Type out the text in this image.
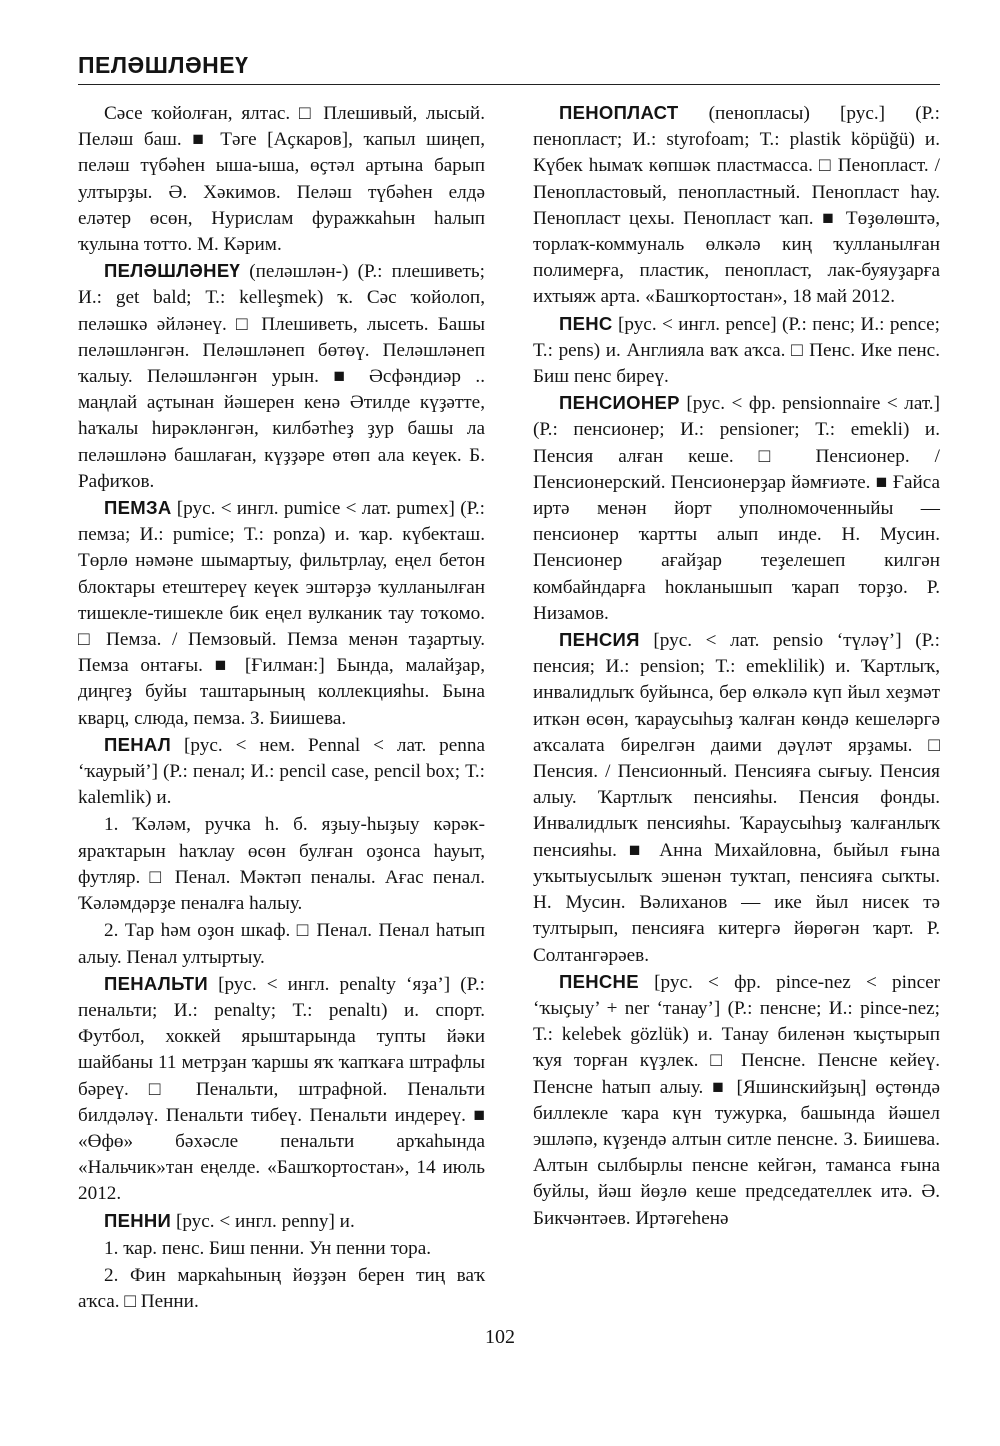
ПЕЛӘШЛӘНЕҮ

Сәсе ҡойолған, ялтас. □ Плешивый, лысый. Пеләш баш. ■ Тәге [Аҫкаров], ҡапыл шиңеп, пеләш түбәһен ыша-ыша, өҫтәл артына барып ултырҙы. Ә. Хәкимов. Пеләш түбәһен елдә еләтер өсөн, Нурислам фуражкаһын һалып ҡулына тотто. М. Кәрим.

ПЕЛӘШЛӘНЕҮ (пеләшлән-) (Р.: плешиветь; И.: get bald; Т.: kelleşmek) ҡ. Сәс ҡойолоп, пеләшкә әйләнеү. □ Плешиветь, лысеть. Башы пеләшләнгән. Пеләшләнеп бөтөү. Пеләшләнеп ҡалыу. Пеләшләнгән урын. ■ Әсфәндиәр .. маңлай аҫтынан йәшерен кенә Әтилде күҙәтте, һаҡалы һирәкләнгән, килбәтһеҙ ҙур башы ла пеләшләнә башлаған, күҙҙәре өтөп ала кеүек. Б. Рафиҡов.

ПЕМЗА [рус. < ингл. pumice < лат. pumex] (Р.: пемза; И.: pumice; Т.: ponza) и. ҡар. күбекташ. Төрлө нәмәне шымартыу, фильтрлау, еңел бетон блоктары етештереү кеүек эштәрҙә ҡулланылған тишекле-тишекле бик еңел вулканик тау тоҡомо. □ Пемза. / Пемзовый. Пемза менән таҙартыу. Пемза онтағы. ■ [Ғилман:] Бында, малайҙар, диңгеҙ буйы таштарының коллекцияһы. Бына кварц, слюда, пемза. З. Биишева.

ПЕНАЛ [рус. < нем. Pennal < лат. penna ‘ҡаурый’] (Р.: пенал; И.: pencil case, pencil box; Т.: kalemlik) и.

1. Ҡәләм, ручка һ. б. яҙыу-һыҙыу кәрәк-яраҡтарын һаҡлау өсөн булған оҙонса һауыт, футляр. □ Пенал. Мәктәп пеналы. Ағас пенал. Ҡәләмдәрҙе пеналға һалыу.

2. Тар һәм оҙон шкаф. □ Пенал. Пенал һатып алыу. Пенал ултыртыу.

ПЕНАЛЬТИ [рус. < ингл. penalty ‘яҙа’] (Р.: пенальти; И.: penalty; Т.: penaltı) и. спорт. Футбол, хоккей ярыштарында тупты йәки шайбаны 11 метрҙан ҡаршы яҡ ҡапҡаға штрафлы бәреү. □ Пенальти, штрафной. Пенальти билдәләү. Пенальти тибеү. Пенальти индереү. ■ «Өфө» бәхәсле пенальти арҡаһында «Нальчик»тан еңелде. «Башҡортостан», 14 июль 2012.

ПЕННИ [рус. < ингл. penny] и.

1. ҡар. пенс. Биш пенни. Ун пенни тора.

2. Фин маркаһының йөҙҙән берен тиң ваҡ аҡса. □ Пенни.

ПЕНОПЛАСТ (пенопласы) [рус.] (Р.: пенопласт; И.: styrofoam; Т.: plastik köpüğü) и. Күбек һымаҡ көпшәк пластмасса. □ Пенопласт. / Пенопластовый, пенопластный. Пенопласт һау. Пенопласт цехы. Пенопласт ҡап. ■ Төҙөлөштә, торлаҡ-коммуналь өлкәлә киң ҡулланылған полимерға, пластик, пенопласт, лак-буяуҙарға ихтыяж арта. «Башҡортостан», 18 май 2012.

ПЕНС [рус. < ингл. pence] (Р.: пенс; И.: pence; Т.: pens) и. Англияла ваҡ аҡса. □ Пенс. Ике пенс. Биш пенс биреү.

ПЕНСИОНЕР [рус. < фр. pensionnaire < лат.] (Р.: пенсионер; И.: pensioner; Т.: emekli) и. Пенсия алған кеше. □ Пенсионер. / Пенсионерский. Пенсионерҙар йәмғиәте. ■ Ғайса иртә менән йорт уполномоченныйы — пенсионер ҡартты алып инде. Н. Мусин. Пенсионер ағайҙар теҙелешеп килгән комбайндарға һокланышып ҡарап торҙо. Р. Низамов.

ПЕНСИЯ [рус. < лат. pensio ‘түләү’] (Р.: пенсия; И.: pension; Т.: emeklilik) и. Ҡартлыҡ, инвалидлыҡ буйынса, бер өлкәлә күп йыл хеҙмәт иткән өсөн, ҡараусыһыҙ ҡалған көндә кешеләргә аҡсалата бирелгән даими дәүләт ярҙамы. □ Пенсия. / Пенсионный. Пенсияға сығыу. Пенсия алыу. Ҡартлыҡ пенсияһы. Пенсия фонды. Инвалидлыҡ пенсияһы. Ҡараусыһыҙ ҡалғанлыҡ пенсияһы. ■ Анна Михайловна, быйыл ғына уҡытыусылыҡ эшенән туҡтап, пенсияға сыҡты. Н. Мусин. Вәлиханов — ике йыл нисек тә тултырып, пенсияға китергә йөрөгән ҡарт. Р. Солтангәрәев.

ПЕНСНЕ [рус. < фр. pince-nez < pincer ‘ҡыҫыу’ + ner ‘танау’] (Р.: пенсне; И.: pince-nez; Т.: kelebek gözlük) и. Танау биленән ҡыҫтырып ҡуя торған күҙлек. □ Пенсне. Пенсне кейеү. Пенсне һатып алыу. ■ [Яшинскийҙың] өҫтөндә биллекле ҡара күн тужурка, башында йәшел эшләпә, күҙендә алтын ситле пенсне. З. Биишева. Алтын сылбырлы пенсне кейгән, таманса ғына буйлы, йәш йөҙлө кеше председателлек итә. Ә. Бикчәнтәев. Иртәгеһенә

102
